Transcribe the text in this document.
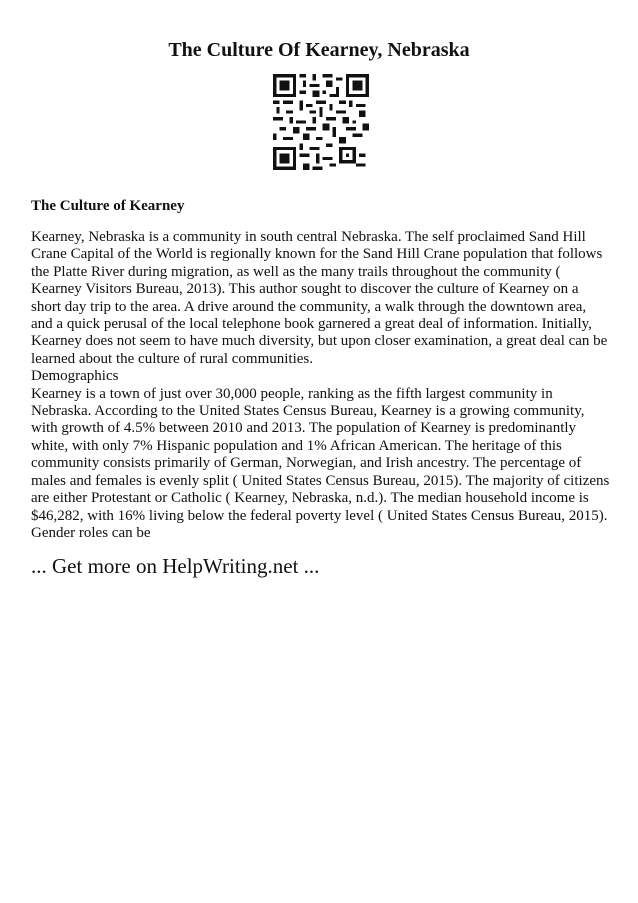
The Culture Of Kearney, Nebraska
The Culture of Kearney

Kearney, Nebraska is a community in south central Nebraska. The self proclaimed Sand Hill Crane Capital of the World is regionally known for the Sand Hill Crane population that follows the Platte River during migration, as well as the many trails throughout the community ( Kearney Visitors Bureau, 2013). This author sought to discover the culture of Kearney on a short day trip to the area. A drive around the community, a walk through the downtown area, and a quick perusal of the local telephone book garnered a great deal of information. Initially, Kearney does not seem to have much diversity, but upon closer examination, a great deal can be learned about the culture of rural communities.

Demographics

Kearney is a town of just over 30,000 people, ranking as the fifth largest community in Nebraska. According to the United States Census Bureau, Kearney is a growing community, with growth of 4.5% between 2010 and 2013. The population of Kearney is predominantly white, with only 7% Hispanic population and 1% African American. The heritage of this community consists primarily of German, Norwegian, and Irish ancestry. The percentage of males and females is evenly split ( United States Census Bureau, 2015). The majority of citizens are either Protestant or Catholic ( Kearney, Nebraska, n.d.). The median household income is $46,282, with 16% living below the federal poverty level ( United States Census Bureau, 2015).

Gender roles can be

... Get more on HelpWriting.net ...
